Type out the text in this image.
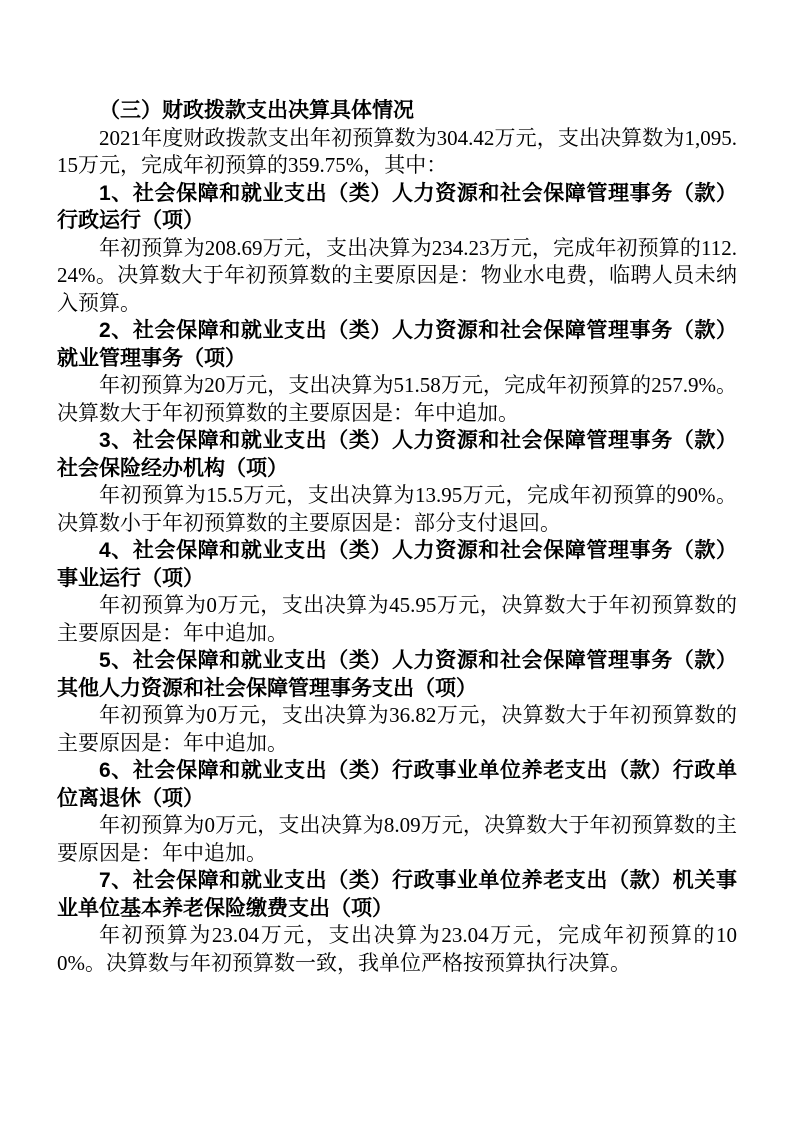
（三）财政拨款支出决算具体情况

2021年度财政拨款支出年初预算数为304.42万元，支出决算数为1,095.15万元，完成年初预算的359.75%，其中：

1、社会保障和就业支出（类）人力资源和社会保障管理事务（款）行政运行（项）

年初预算为208.69万元，支出决算为234.23万元，完成年初预算的112.24%。决算数大于年初预算数的主要原因是：物业水电费，临聘人员未纳入预算。

2、社会保障和就业支出（类）人力资源和社会保障管理事务（款）就业管理事务（项）

年初预算为20万元，支出决算为51.58万元，完成年初预算的257.9%。决算数大于年初预算数的主要原因是：年中追加。

3、社会保障和就业支出（类）人力资源和社会保障管理事务（款）社会保险经办机构（项）

年初预算为15.5万元，支出决算为13.95万元，完成年初预算的90%。决算数小于年初预算数的主要原因是：部分支付退回。

4、社会保障和就业支出（类）人力资源和社会保障管理事务（款）事业运行（项）

年初预算为0万元，支出决算为45.95万元，决算数大于年初预算数的主要原因是：年中追加。

5、社会保障和就业支出（类）人力资源和社会保障管理事务（款）其他人力资源和社会保障管理事务支出（项）

年初预算为0万元，支出决算为36.82万元，决算数大于年初预算数的主要原因是：年中追加。

6、社会保障和就业支出（类）行政事业单位养老支出（款）行政单位离退休（项）

年初预算为0万元，支出决算为8.09万元，决算数大于年初预算数的主要原因是：年中追加。

7、社会保障和就业支出（类）行政事业单位养老支出（款）机关事业单位基本养老保险缴费支出（项）

年初预算为23.04万元，支出决算为23.04万元，完成年初预算的100%。决算数与年初预算数一致，我单位严格按预算执行决算。
